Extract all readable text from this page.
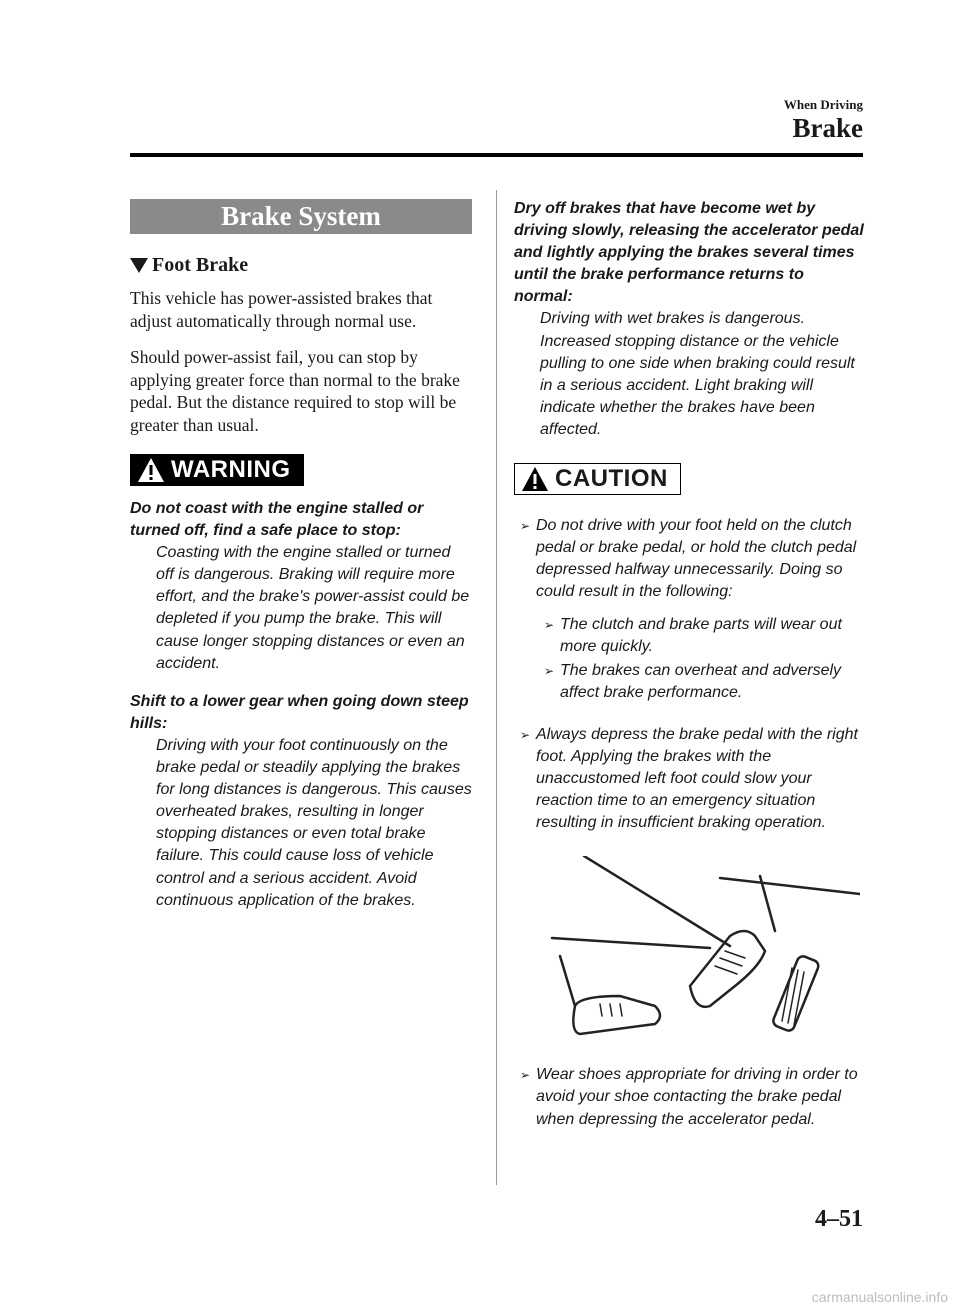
When Driving
Brake
Brake System
Foot Brake

This vehicle has power-assisted brakes that adjust automatically through normal use.

Should power-assist fail, you can stop by applying greater force than normal to the brake pedal. But the distance required to stop will be greater than usual.

WARNING
Do not coast with the engine stalled or turned off, find a safe place to stop:
Coasting with the engine stalled or turned off is dangerous. Braking will require more effort, and the brake's power-assist could be depleted if you pump the brake. This will cause longer stopping distances or even an accident.
Shift to a lower gear when going down steep hills:
Driving with your foot continuously on the brake pedal or steadily applying the brakes for long distances is dangerous. This causes overheated brakes, resulting in longer stopping distances or even total brake failure. This could cause loss of vehicle control and a serious accident. Avoid continuous application of the brakes.
Dry off brakes that have become wet by driving slowly, releasing the accelerator pedal and lightly applying the brakes several times until the brake performance returns to normal:
Driving with wet brakes is dangerous. Increased stopping distance or the vehicle pulling to one side when braking could result in a serious accident. Light braking will indicate whether the brakes have been affected.
CAUTION
➢ Do not drive with your foot held on the clutch pedal or brake pedal, or hold the clutch pedal depressed halfway unnecessarily. Doing so could result in the following:
➢ The clutch and brake parts will wear out more quickly.
➢ The brakes can overheat and adversely affect brake performance.
➢ Always depress the brake pedal with the right foot. Applying the brakes with the unaccustomed left foot could slow your reaction time to an emergency situation resulting in insufficient braking operation.
➢ Wear shoes appropriate for driving in order to avoid your shoe contacting the brake pedal when depressing the accelerator pedal.
4–51
carmanualsonline.info
